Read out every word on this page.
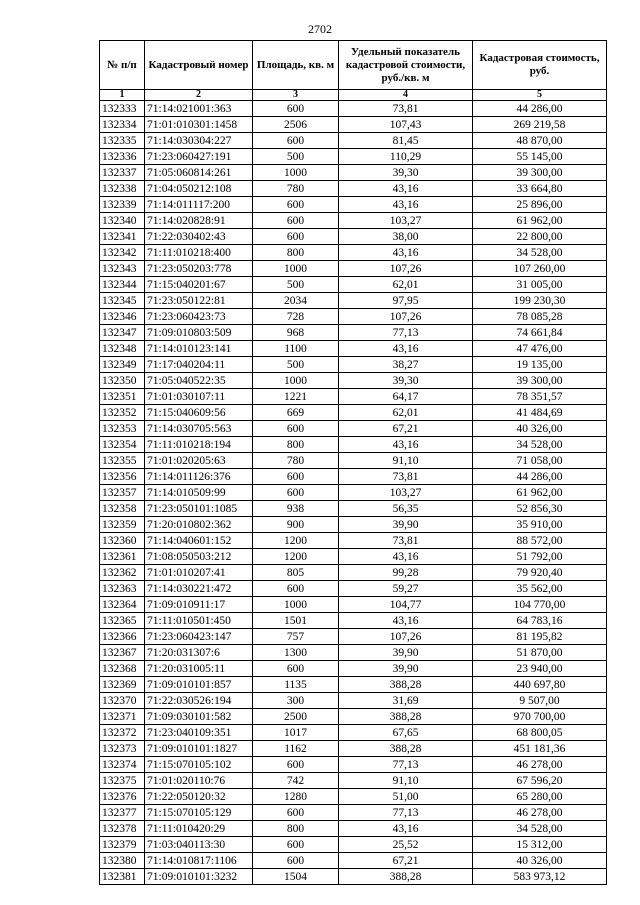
2702
№ п/п	Кадастровый номер	Площадь, кв. м	Удельный показатель кадастровой стоимости, руб./кв. м	Кадастровая стоимость, руб.
1	2	3	4	5
132333	71:14:021001:363	600	73,81	44 286,00
132334	71:01:010301:1458	2506	107,43	269 219,58
132335	71:14:030304:227	600	81,45	48 870,00
132336	71:23:060427:191	500	110,29	55 145,00
132337	71:05:060814:261	1000	39,30	39 300,00
132338	71:04:050212:108	780	43,16	33 664,80
132339	71:14:011117:200	600	43,16	25 896,00
132340	71:14:020828:91	600	103,27	61 962,00
132341	71:22:030402:43	600	38,00	22 800,00
132342	71:11:010218:400	800	43,16	34 528,00
132343	71:23:050203:778	1000	107,26	107 260,00
132344	71:15:040201:67	500	62,01	31 005,00
132345	71:23:050122:81	2034	97,95	199 230,30
132346	71:23:060423:73	728	107,26	78 085,28
132347	71:09:010803:509	968	77,13	74 661,84
132348	71:14:010123:141	1100	43,16	47 476,00
132349	71:17:040204:11	500	38,27	19 135,00
132350	71:05:040522:35	1000	39,30	39 300,00
132351	71:01:030107:11	1221	64,17	78 351,57
132352	71:15:040609:56	669	62,01	41 484,69
132353	71:14:030705:563	600	67,21	40 326,00
132354	71:11:010218:194	800	43,16	34 528,00
132355	71:01:020205:63	780	91,10	71 058,00
132356	71:14:011126:376	600	73,81	44 286,00
132357	71:14:010509:99	600	103,27	61 962,00
132358	71:23:050101:1085	938	56,35	52 856,30
132359	71:20:010802:362	900	39,90	35 910,00
132360	71:14:040601:152	1200	73,81	88 572,00
132361	71:08:050503:212	1200	43,16	51 792,00
132362	71:01:010207:41	805	99,28	79 920,40
132363	71:14:030221:472	600	59,27	35 562,00
132364	71:09:010911:17	1000	104,77	104 770,00
132365	71:11:010501:450	1501	43,16	64 783,16
132366	71:23:060423:147	757	107,26	81 195,82
132367	71:20:031307:6	1300	39,90	51 870,00
132368	71:20:031005:11	600	39,90	23 940,00
132369	71:09:010101:857	1135	388,28	440 697,80
132370	71:22:030526:194	300	31,69	9 507,00
132371	71:09:030101:582	2500	388,28	970 700,00
132372	71:23:040109:351	1017	67,65	68 800,05
132373	71:09:010101:1827	1162	388,28	451 181,36
132374	71:15:070105:102	600	77,13	46 278,00
132375	71:01:020110:76	742	91,10	67 596,20
132376	71:22:050120:32	1280	51,00	65 280,00
132377	71:15:070105:129	600	77,13	46 278,00
132378	71:11:010420:29	800	43,16	34 528,00
132379	71:03:040113:30	600	25,52	15 312,00
132380	71:14:010817:1106	600	67,21	40 326,00
132381	71:09:010101:3232	1504	388,28	583 973,12
